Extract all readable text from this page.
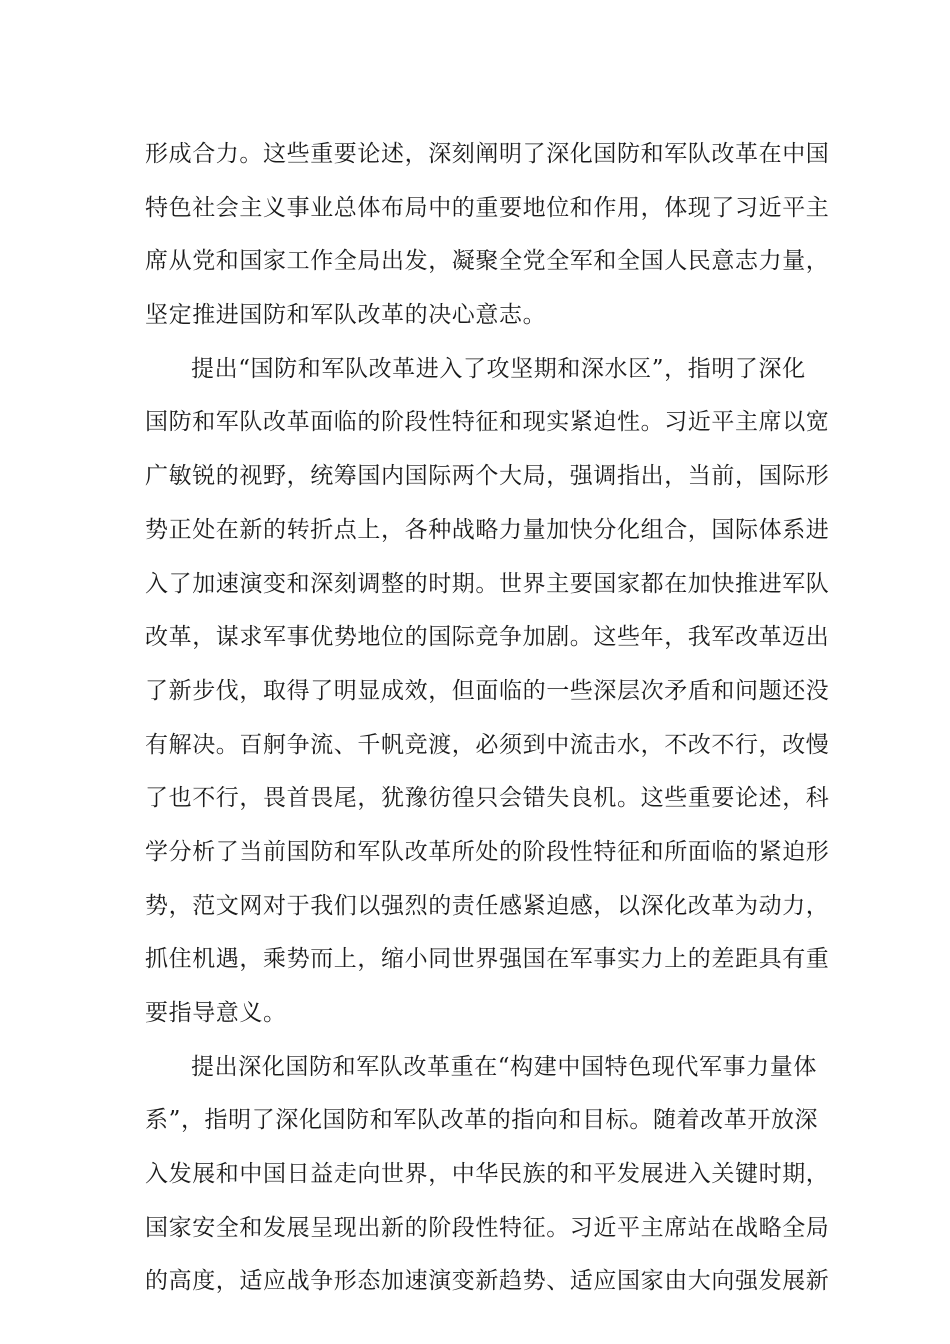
形成合力。这些重要论述，深刻阐明了深化国防和军队改革在中国
特色社会主义事业总体布局中的重要地位和作用，体现了习近平主
席从党和国家工作全局出发，凝聚全党全军和全国人民意志力量，
坚定推进国防和军队改革的决心意志。
提出“国防和军队改革进入了攻坚期和深水区”，指明了深化
国防和军队改革面临的阶段性特征和现实紧迫性。习近平主席以宽
广敏锐的视野，统筹国内国际两个大局，强调指出，当前，国际形
势正处在新的转折点上，各种战略力量加快分化组合，国际体系进
入了加速演变和深刻调整的时期。世界主要国家都在加快推进军队
改革，谋求军事优势地位的国际竞争加剧。这些年，我军改革迈出
了新步伐，取得了明显成效，但面临的一些深层次矛盾和问题还没
有解决。百舸争流、千帆竞渡，必须到中流击水，不改不行，改慢
了也不行，畏首畏尾，犹豫彷徨只会错失良机。这些重要论述，科
学分析了当前国防和军队改革所处的阶段性特征和所面临的紧迫形
势，范文网对于我们以强烈的责任感紧迫感，以深化改革为动力，
抓住机遇，乘势而上，缩小同世界强国在军事实力上的差距具有重
要指导意义。
提出深化国防和军队改革重在“构建中国特色现代军事力量体
系”，指明了深化国防和军队改革的指向和目标。随着改革开放深
入发展和中国日益走向世界，中华民族的和平发展进入关键时期，
国家安全和发展呈现出新的阶段性特征。习近平主席站在战略全局
的高度，适应战争形态加速演变新趋势、适应国家由大向强发展新
